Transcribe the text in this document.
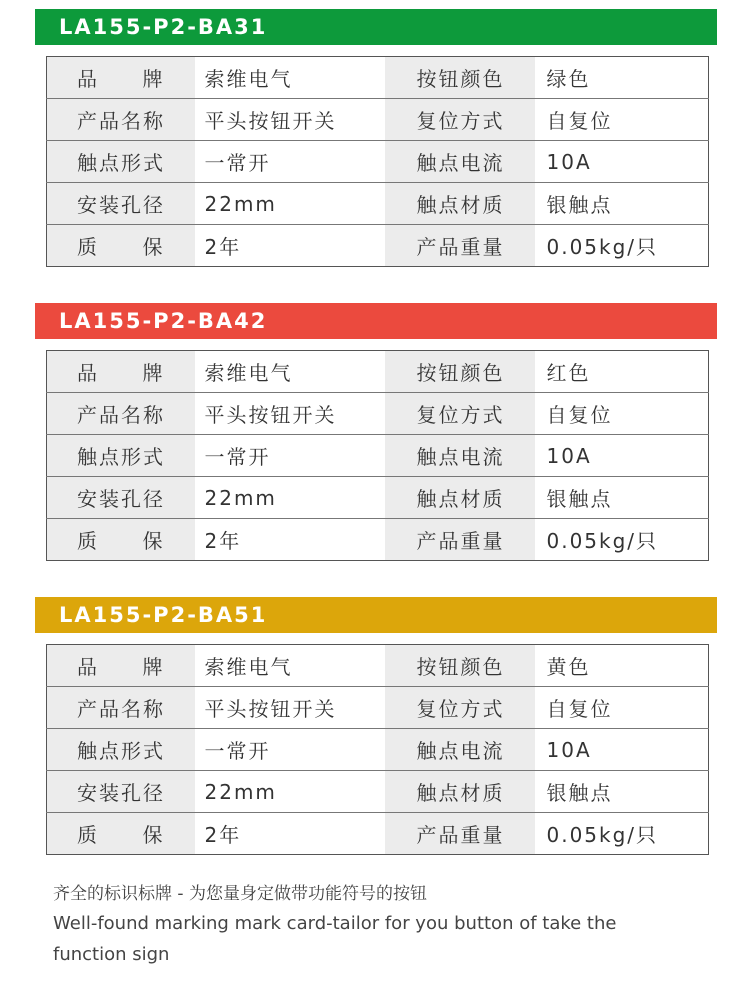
LA155-P2-BA31
品 牌	索维电气	按钮颜色	绿色
产品名称	平头按钮开关	复位方式	自复位
触点形式	一常开	触点电流	10A
安装孔径	22mm	触点材质	银触点
质 保	2年	产品重量	0.05kg/只
LA155-P2-BA42
品 牌	索维电气	按钮颜色	红色
产品名称	平头按钮开关	复位方式	自复位
触点形式	一常开	触点电流	10A
安装孔径	22mm	触点材质	银触点
质 保	2年	产品重量	0.05kg/只
LA155-P2-BA51
品 牌	索维电气	按钮颜色	黄色
产品名称	平头按钮开关	复位方式	自复位
触点形式	一常开	触点电流	10A
安装孔径	22mm	触点材质	银触点
质 保	2年	产品重量	0.05kg/只
齐全的标识标牌 - 为您量身定做带功能符号的按钮
Well-found marking mark card-tailor for you button of take the
function sign
